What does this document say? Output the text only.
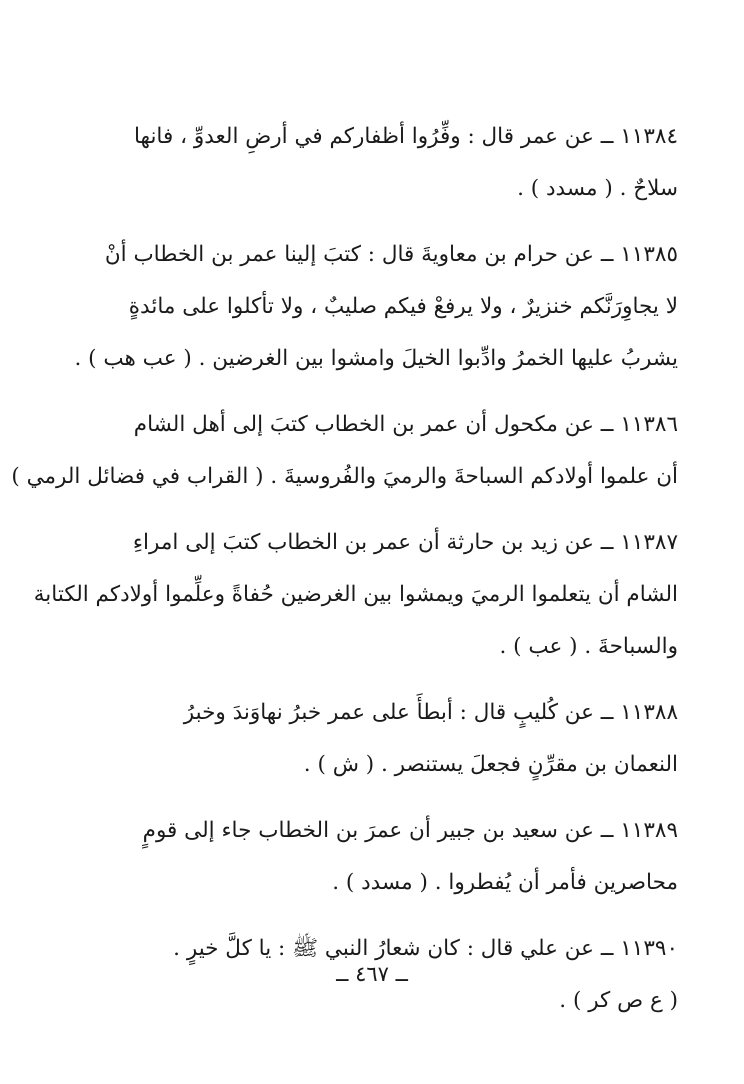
١١٣٨٤ ــ عن عمر قال : وفِّرُوا أظفاركم في أرضِ العدوِّ ، فانها
سلاحٌ . ( مسدد ) .
١١٣٨٥ ــ عن حرام بن معاويةَ قال : كتبَ إلينا عمر بن الخطاب أنْ
لا يجاوِرَنَّكم خنزيرٌ ، ولا يرفعْ فيكم صليبٌ ، ولا تأكلوا على مائدةٍ
يشربُ عليها الخمرُ وادِّبوا الخيلَ وامشوا بين الغرضين . ( عب هب ) .
١١٣٨٦ ــ عن مكحول أن عمر بن الخطاب كتبَ إلى أهل الشام
أن علموا أولادكم السباحةَ والرميَ والفُروسيةَ . ( القراب في فضائل الرمي )
١١٣٨٧ ــ عن زيد بن حارثة أن عمر بن الخطاب كتبَ إلى امراءِ
الشام أن يتعلموا الرميَ ويمشوا بين الغرضين حُفاةً وعلِّموا أولادكم الكتابة
والسباحةَ . ( عب ) .
١١٣٨٨ ــ عن كُليبٍ قال : أبطأَ على عمر خبرُ نهاوَندَ وخبرُ
النعمان بن مقرِّنٍ فجعلَ يستنصر . ( ش ) .
١١٣٨٩ ــ عن سعيد بن جبير أن عمرَ بن الخطاب جاء إلى قومٍ
محاصرين فأمر أن يُفطروا . ( مسدد ) .
١١٣٩٠ ــ عن علي قال : كان شعارُ النبي ﷺ : يا كلَّ خيرٍ .
( ع ص كر ) .
ــ ٤٦٧ ــ
